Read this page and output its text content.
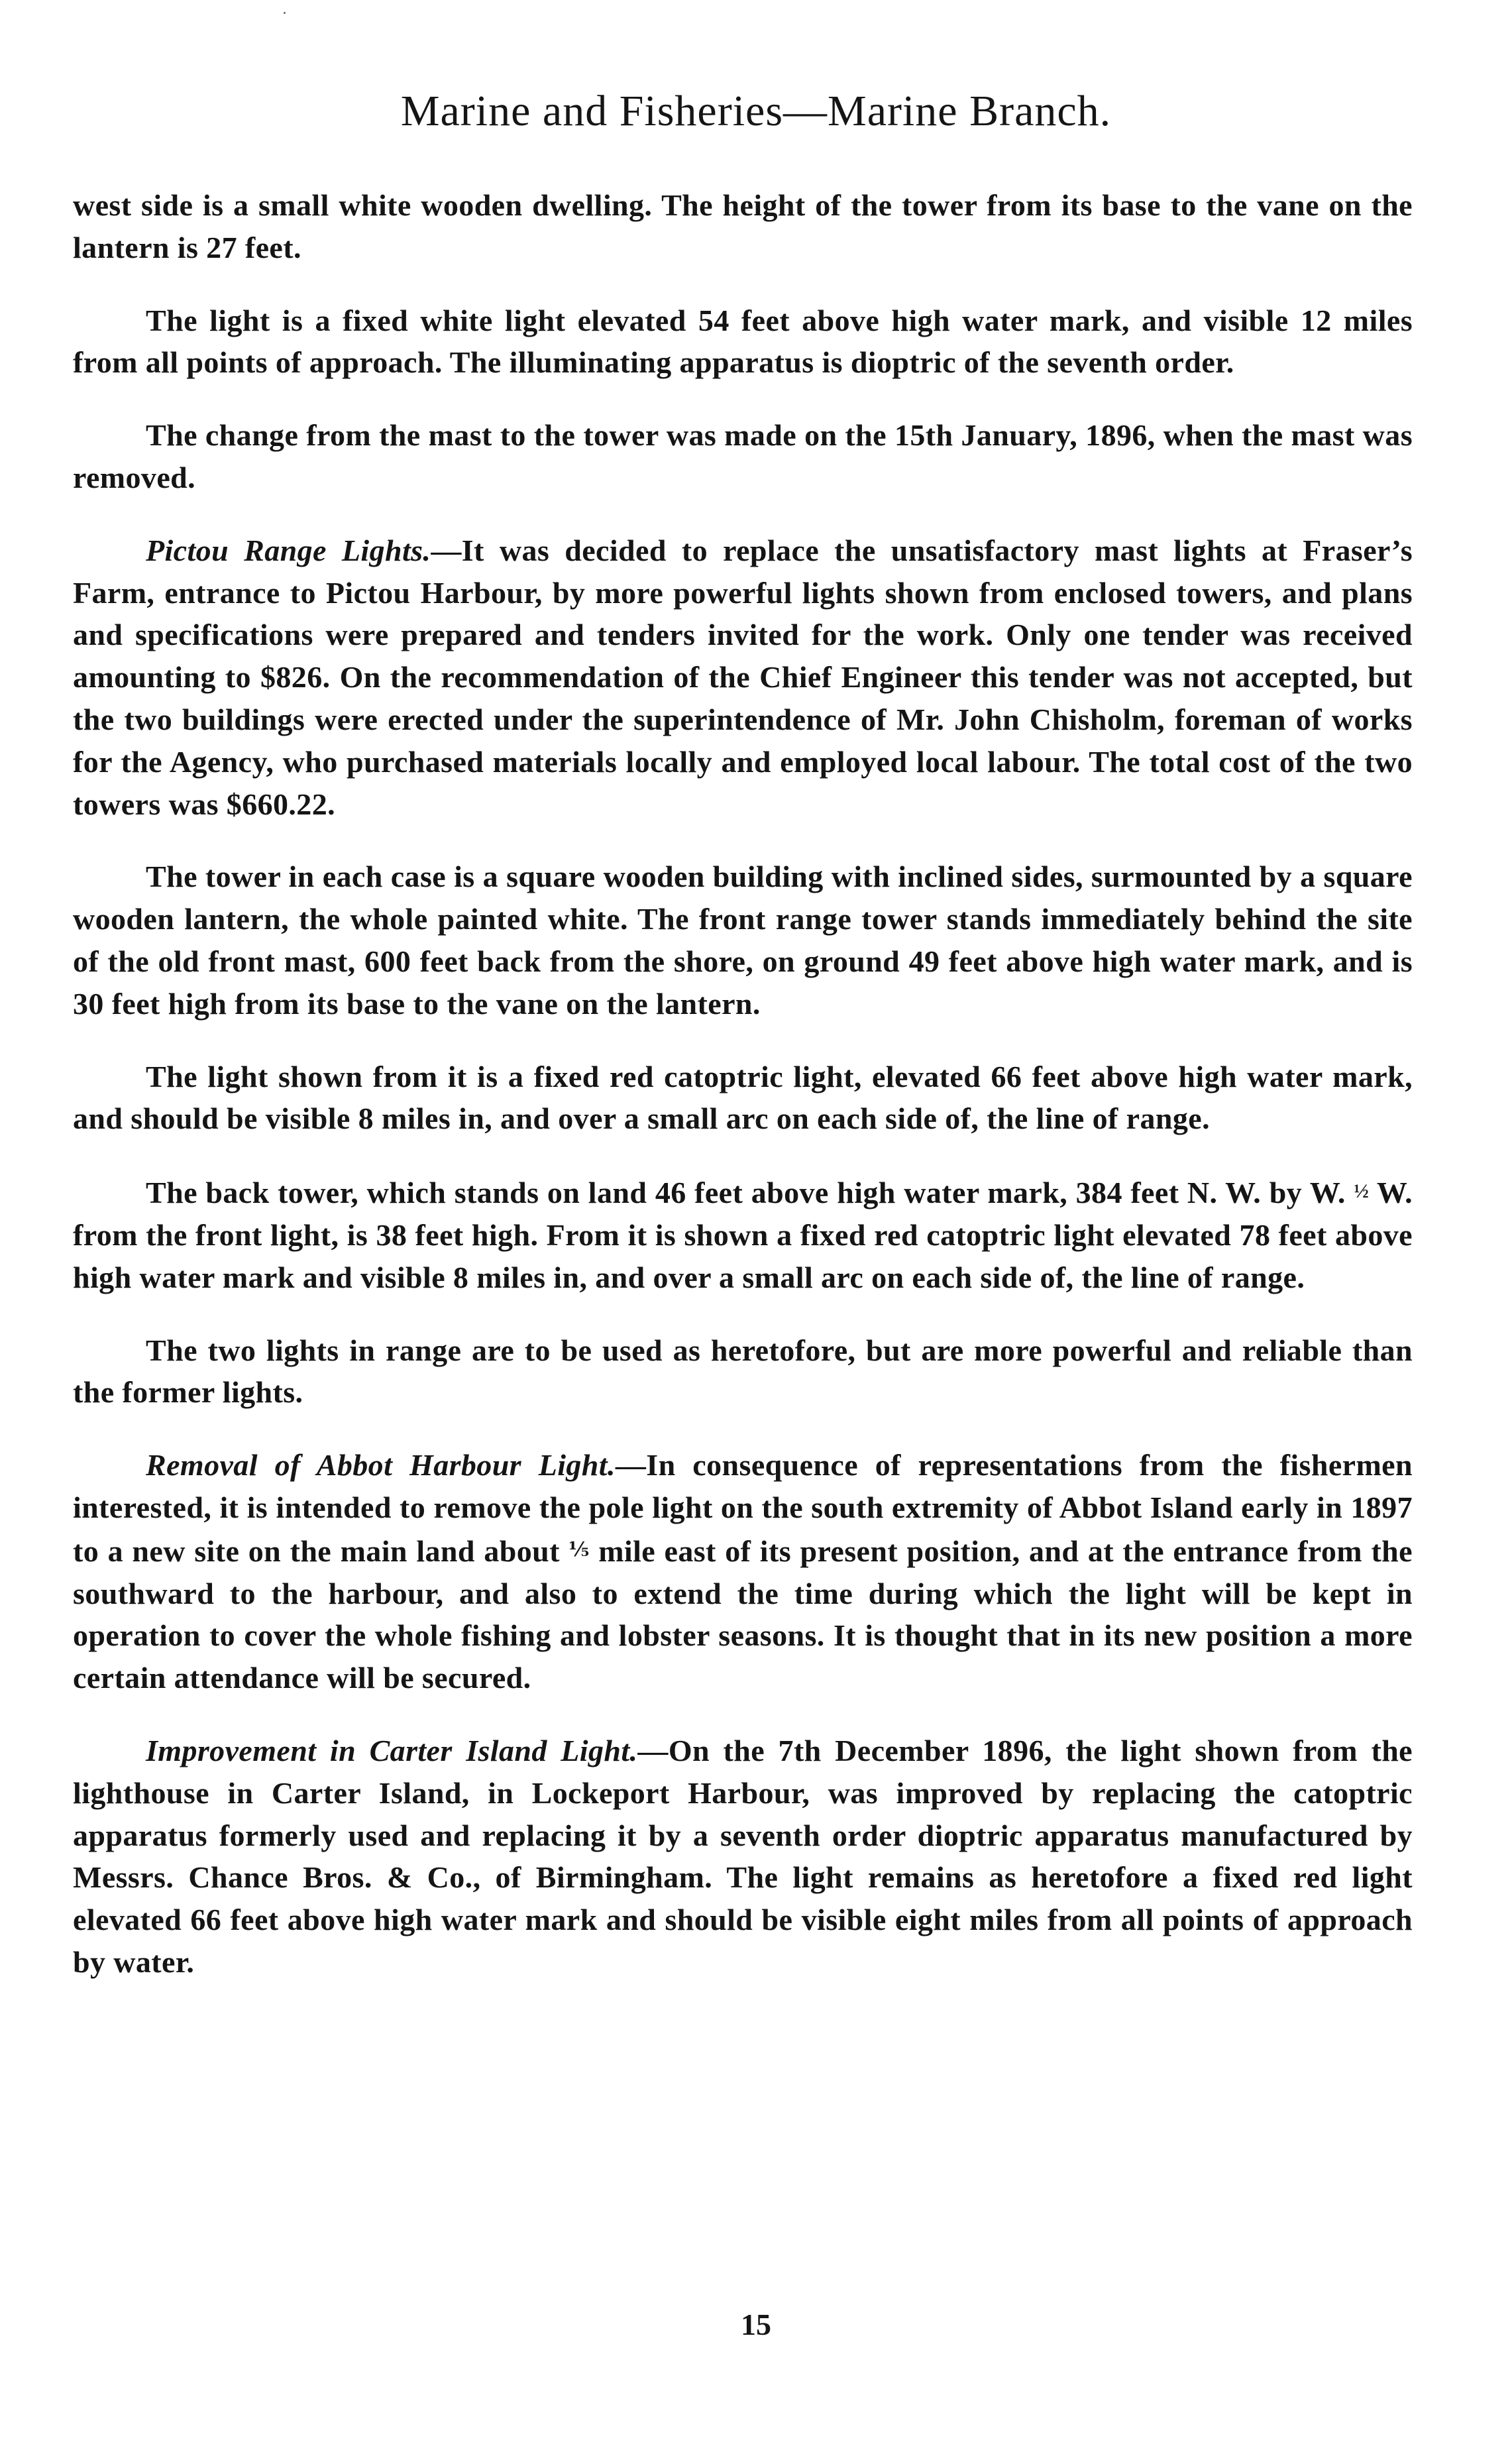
Marine and Fisheries—Marine Branch.

west side is a small white wooden dwelling. The height of the tower from its base to the vane on the lantern is 27 feet.

The light is a fixed white light elevated 54 feet above high water mark, and visible 12 miles from all points of approach. The illuminating apparatus is dioptric of the seventh order.

The change from the mast to the tower was made on the 15th January, 1896, when the mast was removed.

Pictou Range Lights.—It was decided to replace the unsatisfactory mast lights at Fraser’s Farm, entrance to Pictou Harbour, by more powerful lights shown from enclosed towers, and plans and specifications were prepared and tenders invited for the work. Only one tender was received amounting to $826. On the recommendation of the Chief Engineer this tender was not accepted, but the two buildings were erected under the superintendence of Mr. John Chisholm, foreman of works for the Agency, who purchased materials locally and employed local labour. The total cost of the two towers was $660.22.

The tower in each case is a square wooden building with inclined sides, surmounted by a square wooden lantern, the whole painted white. The front range tower stands immediately behind the site of the old front mast, 600 feet back from the shore, on ground 49 feet above high water mark, and is 30 feet high from its base to the vane on the lantern.

The light shown from it is a fixed red catoptric light, elevated 66 feet above high water mark, and should be visible 8 miles in, and over a small arc on each side of, the line of range.

The back tower, which stands on land 46 feet above high water mark, 384 feet N. W. by W. ½ W. from the front light, is 38 feet high. From it is shown a fixed red catoptric light elevated 78 feet above high water mark and visible 8 miles in, and over a small arc on each side of, the line of range.

The two lights in range are to be used as heretofore, but are more powerful and reliable than the former lights.

Removal of Abbot Harbour Light.—In consequence of representations from the fishermen interested, it is intended to remove the pole light on the south extremity of Abbot Island early in 1897 to a new site on the main land about ⅕ mile east of its present position, and at the entrance from the southward to the harbour, and also to extend the time during which the light will be kept in operation to cover the whole fishing and lobster seasons. It is thought that in its new position a more certain attendance will be secured.

Improvement in Carter Island Light.—On the 7th December 1896, the light shown from the lighthouse in Carter Island, in Lockeport Harbour, was improved by replacing the catoptric apparatus formerly used and replacing it by a seventh order dioptric apparatus manufactured by Messrs. Chance Bros. & Co., of Birmingham. The light remains as heretofore a fixed red light elevated 66 feet above high water mark and should be visible eight miles from all points of approach by water.

15
